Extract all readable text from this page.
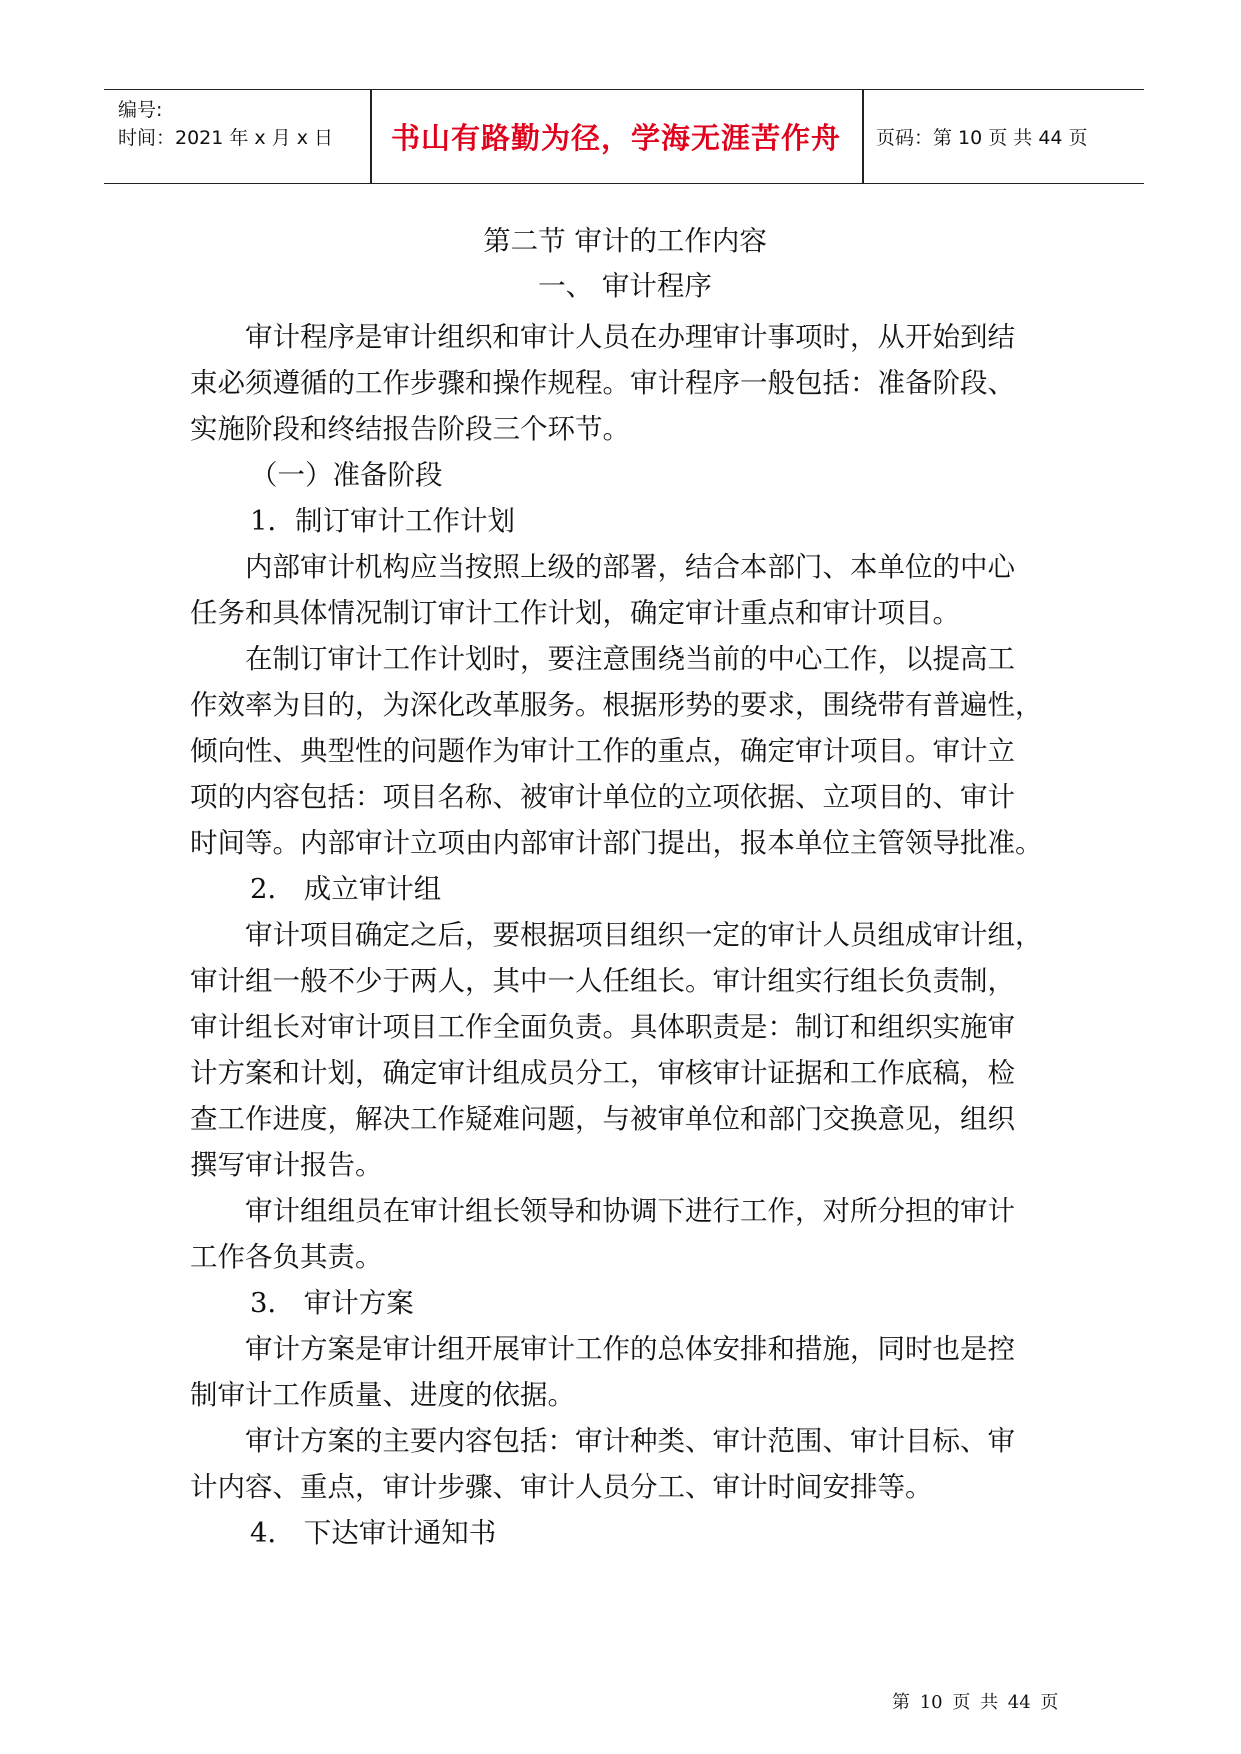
编号:
时间：2021 年 x 月 x 日	书山有路勤为径，学海无涯苦作舟	页码：第 10 页 共 44 页
第二节 审计的工作内容
一、 审计程序
审计程序是审计组织和审计人员在办理审计事项时，从开始到结
束必须遵循的工作步骤和操作规程。审计程序一般包括：准备阶段、
实施阶段和终结报告阶段三个环节。
（一）准备阶段
1．制订审计工作计划
内部审计机构应当按照上级的部署，结合本部门、本单位的中心
任务和具体情况制订审计工作计划，确定审计重点和审计项目。
在制订审计工作计划时，要注意围绕当前的中心工作，以提高工
作效率为目的，为深化改革服务。根据形势的要求，围绕带有普遍性，
倾向性、典型性的问题作为审计工作的重点，确定审计项目。审计立
项的内容包括：项目名称、被审计单位的立项依据、立项目的、审计
时间等。内部审计立项由内部审计部门提出，报本单位主管领导批准。
2． 成立审计组
审计项目确定之后，要根据项目组织一定的审计人员组成审计组，
审计组一般不少于两人，其中一人任组长。审计组实行组长负责制，
审计组长对审计项目工作全面负责。具体职责是：制订和组织实施审
计方案和计划，确定审计组成员分工，审核审计证据和工作底稿，检
查工作进度，解决工作疑难问题，与被审单位和部门交换意见，组织
撰写审计报告。
审计组组员在审计组长领导和协调下进行工作，对所分担的审计
工作各负其责。
3． 审计方案
审计方案是审计组开展审计工作的总体安排和措施，同时也是控
制审计工作质量、进度的依据。
审计方案的主要内容包括：审计种类、审计范围、审计目标、审
计内容、重点，审计步骤、审计人员分工、审计时间安排等。
4． 下达审计通知书
第 10 页 共 44 页
